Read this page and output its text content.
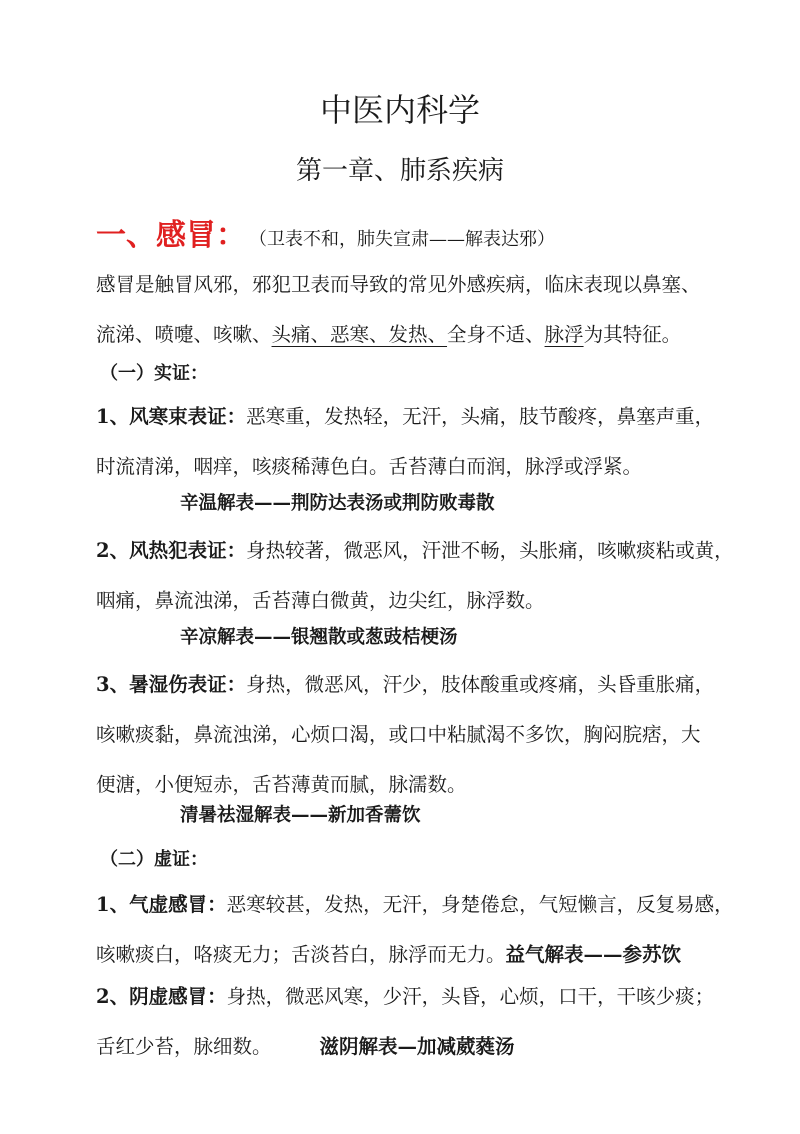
中医内科学
第一章、肺系疾病
一、感冒： （卫表不和，肺失宣肃——解表达邪）
感冒是触冒风邪，邪犯卫表而导致的常见外感疾病，临床表现以鼻塞、
流涕、喷嚏、咳嗽、头痛、恶寒、发热、全身不适、脉浮为其特征。
（一）实证：
1、风寒束表证：恶寒重，发热轻，无汗，头痛，肢节酸疼，鼻塞声重，
时流清涕，咽痒，咳痰稀薄色白。舌苔薄白而润，脉浮或浮紧。
辛温解表——荆防达表汤或荆防败毒散
2、风热犯表证：身热较著，微恶风，汗泄不畅，头胀痛，咳嗽痰粘或黄，
咽痛，鼻流浊涕，舌苔薄白微黄，边尖红，脉浮数。
辛凉解表——银翘散或葱豉桔梗汤
3、暑湿伤表证：身热，微恶风，汗少，肢体酸重或疼痛，头昏重胀痛，
咳嗽痰黏，鼻流浊涕，心烦口渴，或口中粘腻渴不多饮，胸闷脘痞，大
便溏，小便短赤，舌苔薄黄而腻，脉濡数。
清暑祛湿解表——新加香薷饮
（二）虚证：
1、气虚感冒：恶寒较甚，发热，无汗，身楚倦怠，气短懒言，反复易感，
咳嗽痰白，咯痰无力；舌淡苔白，脉浮而无力。益气解表——参苏饮
2、阴虚感冒：身热，微恶风寒，少汗，头昏，心烦，口干，干咳少痰；
舌红少苔，脉细数。 滋阴解表—加减葳蕤汤
